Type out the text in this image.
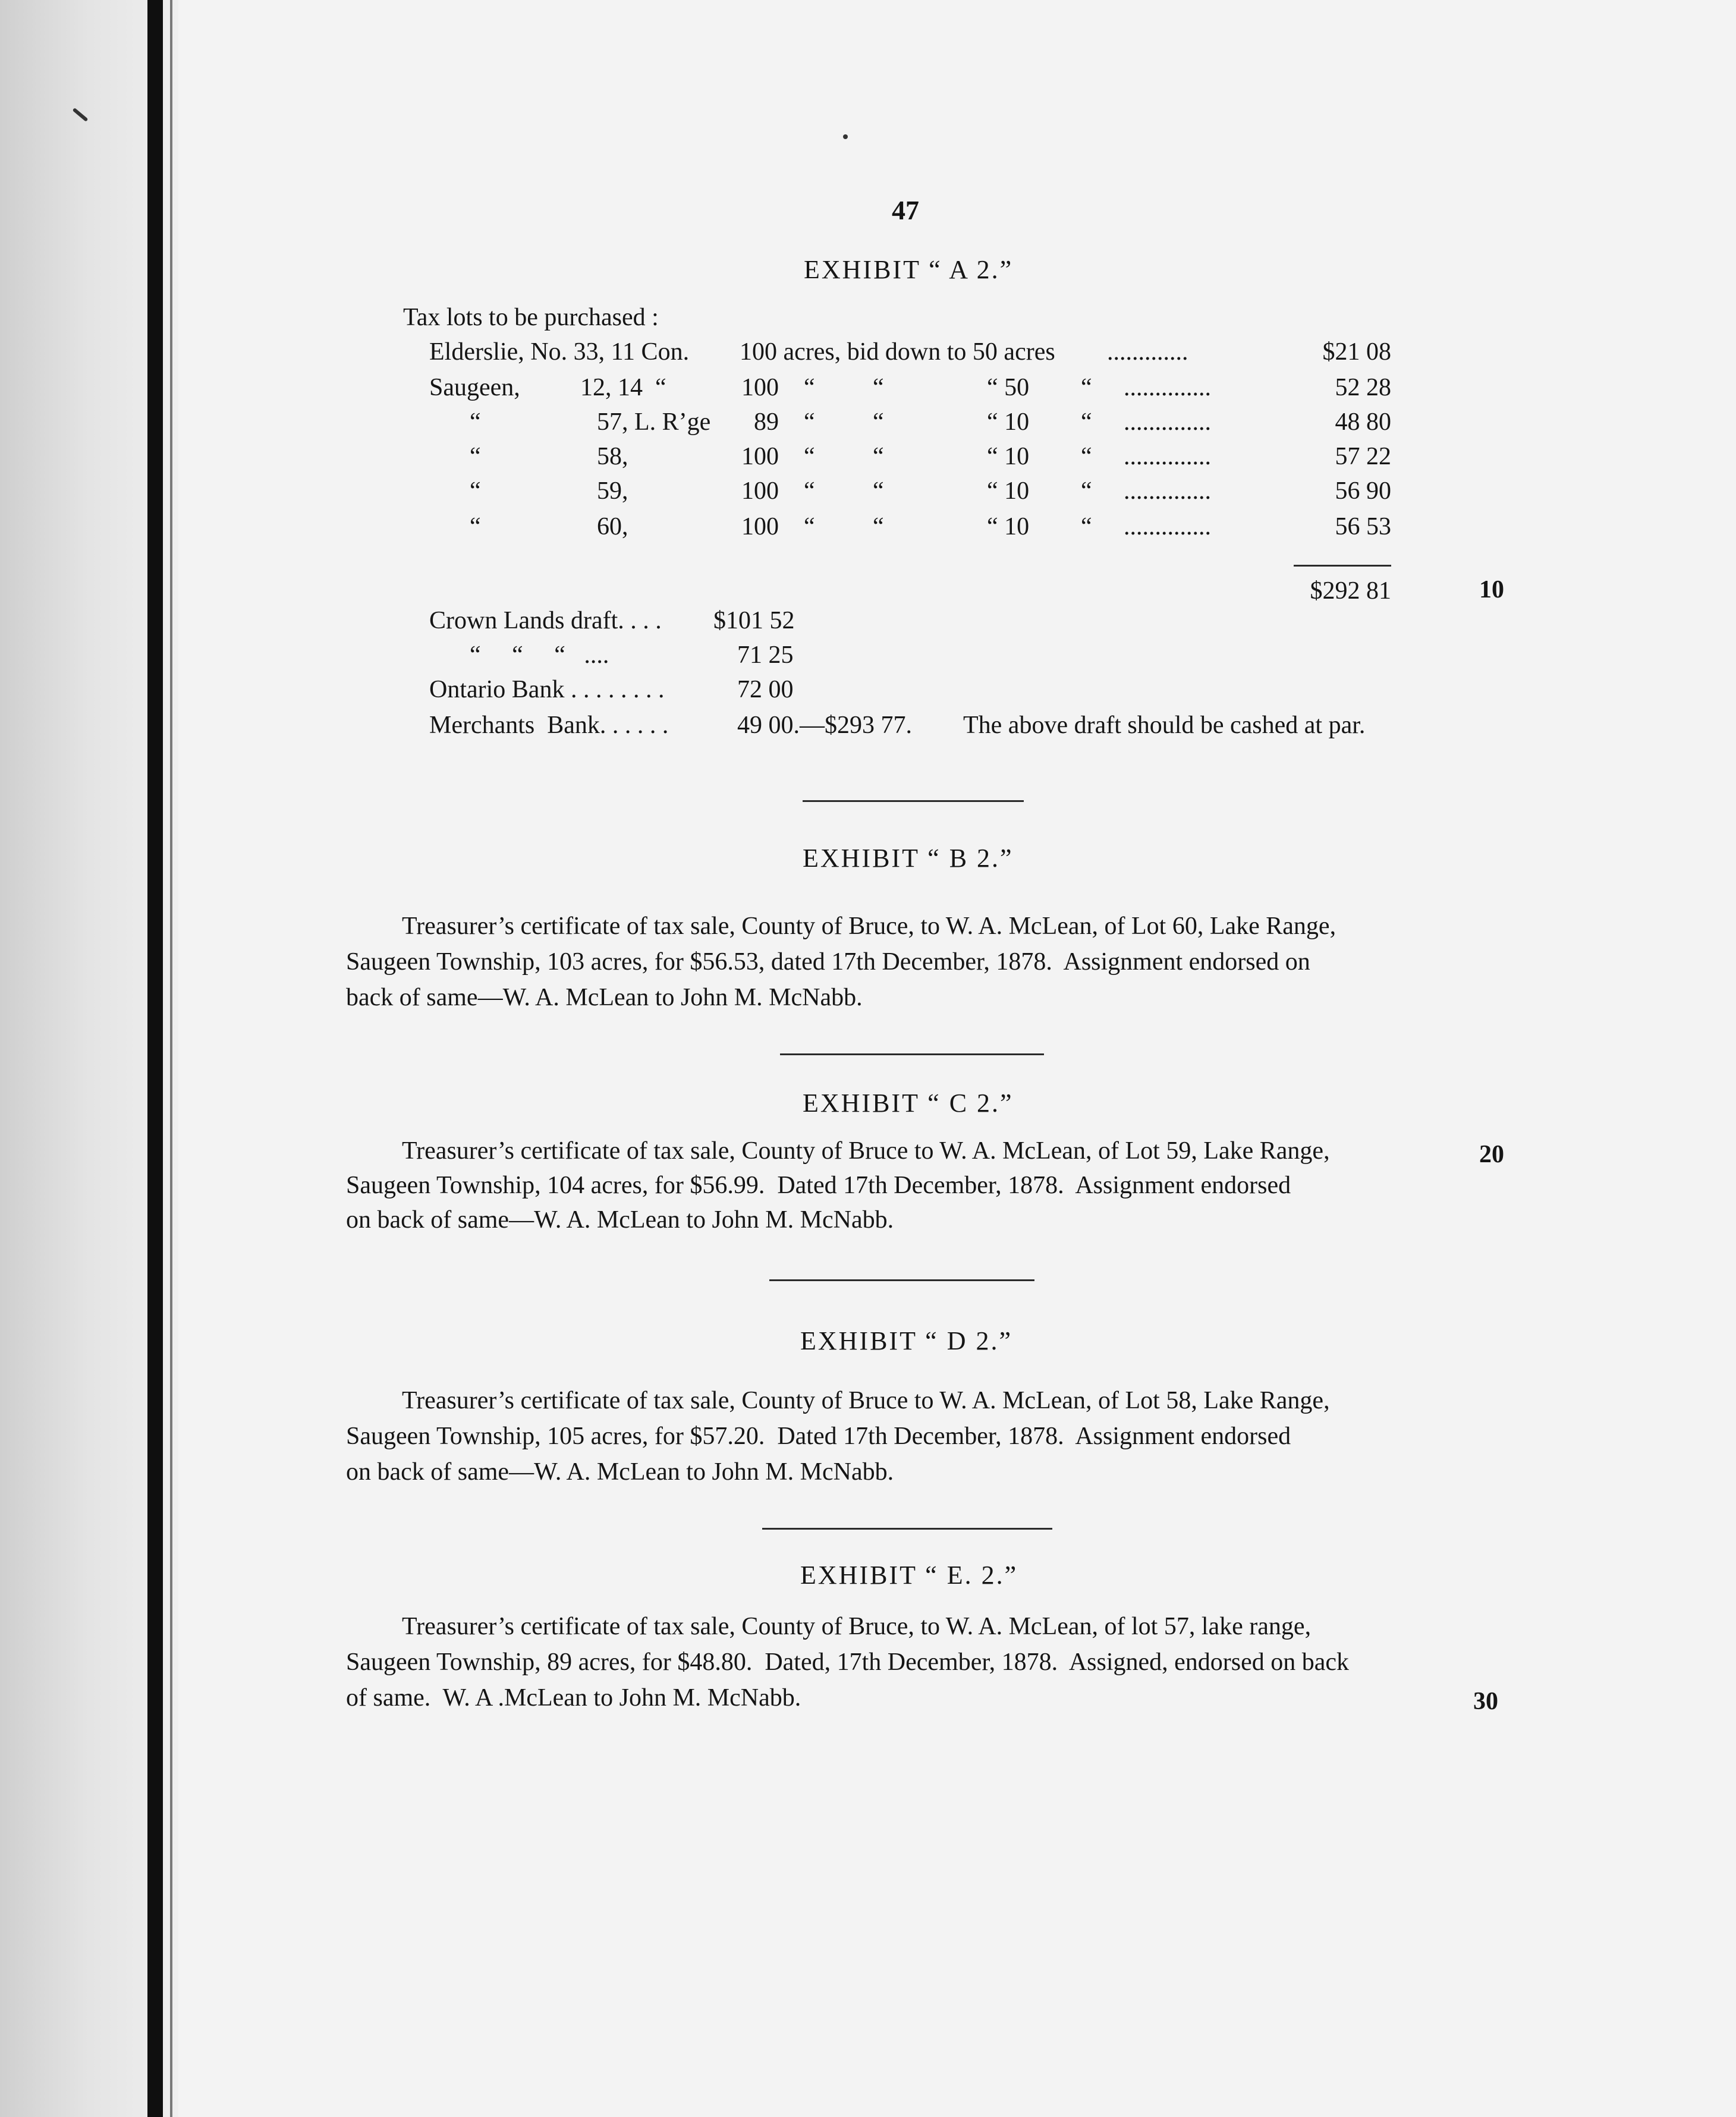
47
EXHIBIT “ A 2.”
Tax lots to be purchased :
Elderslie, No. 33, 11 Con. 100 acres, bid down to 50 acres .............	$21 08
Saugeen, 12, 14  “	100 “ “	“ 50 “ ..............	52 28
“	57, L. R’ge	89 “ “	“ 10 “ ..............	48 80
“	58,	100 “ “	“ 10 “ ..............	57 22
“	59,	100 “ “	“ 10 “ ..............	56 90
“	60,	100 “ “	“ 10 “ ..............	56 53
$292 81	10
Crown Lands draft. . . . $101 52
“     “     “   ....	71 25
Ontario Bank . . . . . . . .	72 00
Merchants  Bank. . . . . .	49 00.—$293 77. The above draft should be cashed at par.
EXHIBIT “ B 2.”
Treasurer’s certificate of tax sale, County of Bruce, to W. A. McLean, of Lot 60, Lake Range,
Saugeen Township, 103 acres, for $56.53, dated 17th December, 1878.  Assignment endorsed on
back of same—W. A. McLean to John M. McNabb.
EXHIBIT “ C 2.”
Treasurer’s certificate of tax sale, County of Bruce to W. A. McLean, of Lot 59, Lake Range,	20
Saugeen Township, 104 acres, for $56.99.  Dated 17th December, 1878.  Assignment endorsed
on back of same—W. A. McLean to John M. McNabb.
EXHIBIT “ D 2.”
Treasurer’s certificate of tax sale, County of Bruce to W. A. McLean, of Lot 58, Lake Range,
Saugeen Township, 105 acres, for $57.20.  Dated 17th December, 1878.  Assignment endorsed
on back of same—W. A. McLean to John M. McNabb.
EXHIBIT “ E. 2.”
Treasurer’s certificate of tax sale, County of Bruce, to W. A. McLean, of lot 57, lake range,
Saugeen Township, 89 acres, for $48.80.  Dated, 17th December, 1878.  Assigned, endorsed on back
of same.  W. A .McLean to John M. McNabb.	30
